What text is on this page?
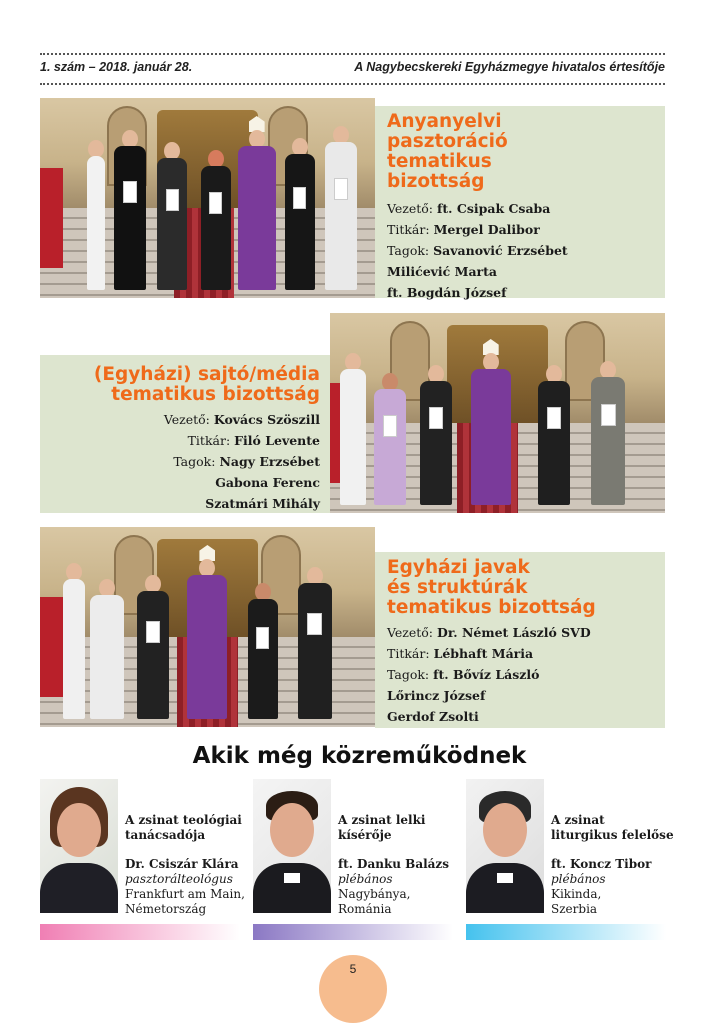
1. szám – 2018. január 28.	A Nagybecskereki Egyházmegye hivatalos értesítője
Anyanyelvi
pasztoráció
tematikus
bizottság
Vezető: ft. Csipak Csaba
Titkár: Mergel Dalibor
Tagok: Savanović Erzsébet
Milićević Marta
ft. Bogdán József
(Egyházi) sajtó/média
tematikus bizottság
Vezető: Kovács Szöszill
Titkár: Filó Levente
Tagok: Nagy Erzsébet
Gabona Ferenc
Szatmári Mihály
Egyházi javak
és struktúrák
tematikus bizottság
Vezető: Dr. Német László SVD
Titkár: Lébhaft Mária
Tagok: ft. Bővíz László
Lőrincz József
Gerdof Zsolti
Akik még közreműködnek
A zsinat teológiai
tanácsadója
Dr. Csiszár Klára
pasztorálteológus
Frankfurt am Main,
Németország
A zsinat lelki
kísérője
ft. Danku Balázs
plébános
Nagybánya,
Románia
A zsinat
liturgikus felelőse
ft. Koncz Tibor
plébános
Kikinda,
Szerbia
5
